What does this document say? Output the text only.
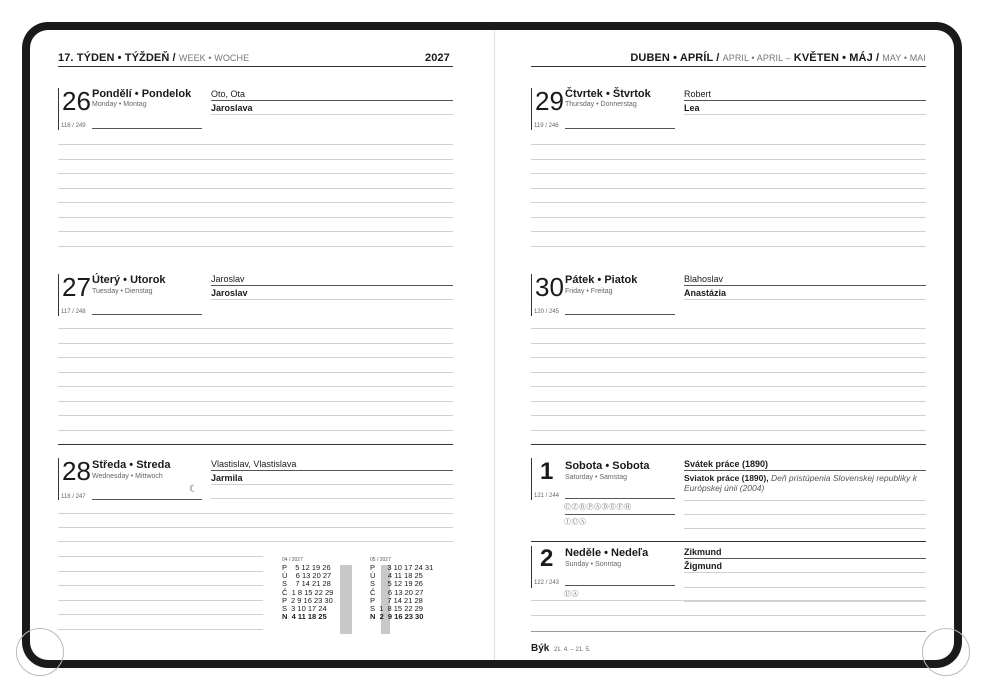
17. TÝDEN • TÝŽDEŇ / WEEK • WOCHE	2027	DUBEN • APRÍL / APRIL • APRIL – KVĚTEN • MÁJ / MAY • MAI
26 Pondělí • Pondelok
Monday • Montag
116 / 249
Oto, Ota
Jaroslava
27 Úterý • Utorok
Tuesday • Dienstag
117 / 248
Jaroslav
Jaroslav
28 Středa • Streda
Wednesday • Mittwoch
☾
118 / 247
Vlastislav, Vlastislava
Jarmila
29 Čtvrtek • Štvrtok
Thursday • Donnerstag
119 / 246
Robert
Lea
30 Pátek • Piatok
Friday • Freitag
120 / 245
Blahoslav
Anastázia
1 Sobota • Sobota
Saturday • Samstag
121 / 244
ⒸⓏⓇⓅⒶⒹⒺⒻⒽ
ⒾⓊⒶ
Svátek práce (1890)
Sviatok práce (1890), Deň pristúpenia Slovenskej republiky k Európskej únii (2004)
2 Neděle • Nedeľa
Sunday • Sonntag
122 / 243
ⓊⒶ
Zikmund
Žigmund
04 / 2027
P    5 12 19 26
Ú    6 13 20 27
S    7 14 21 28
Č  1 8 15 22 29
P  2 9 16 23 30
S  3 10 17 24
N  4 11 18 25
05 / 2027
P      3 10 17 24 31
Ú      4 11 18 25
S      5 12 19 26
Č      6 13 20 27
P      7 14 21 28
S  1  8 15 22 29
N  2  9 16 23 30
Býk 21. 4. – 21. 5.
